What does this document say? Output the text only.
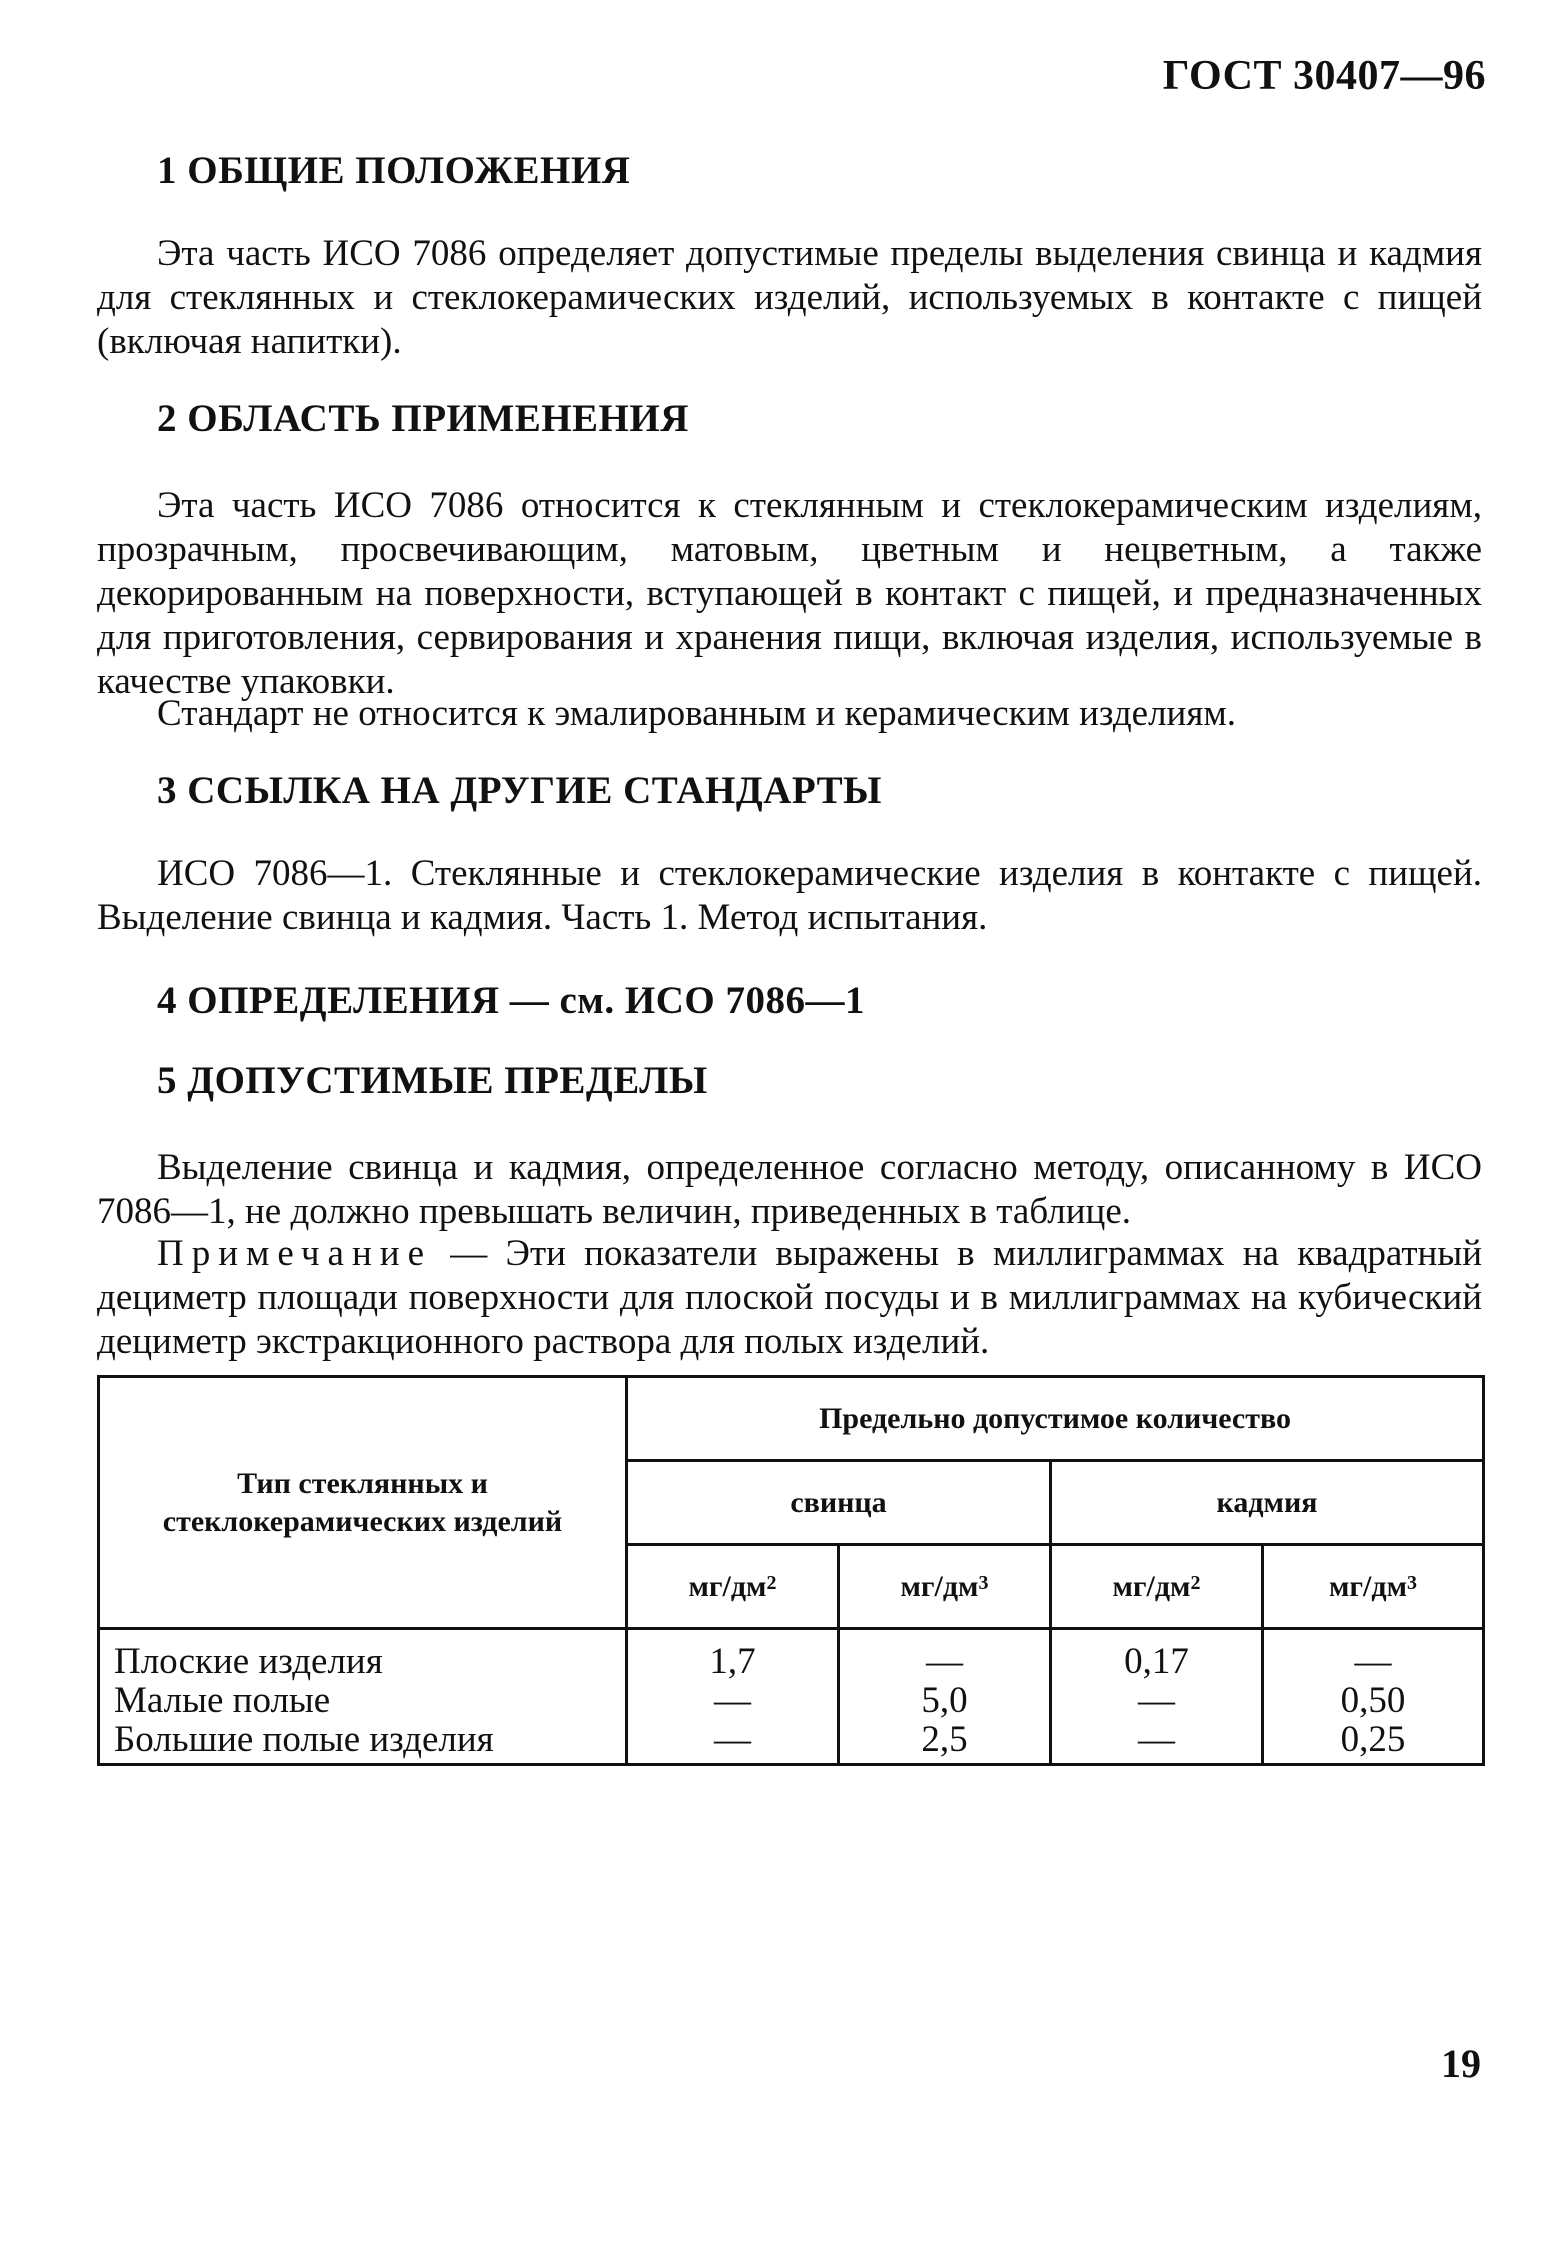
ГОСТ 30407—96
1 ОБЩИЕ ПОЛОЖЕНИЯ
Эта часть ИСО 7086 определяет допустимые пределы выделения свинца и кадмия для стеклянных и стеклокерамических изделий, используемых в контакте с пищей (включая напитки).
2 ОБЛАСТЬ ПРИМЕНЕНИЯ
Эта часть ИСО 7086 относится к стеклянным и стеклокерамическим изделиям, прозрачным, просвечивающим, матовым, цветным и нецветным, а также декорированным на поверхности, вступающей в контакт с пищей, и предназначенных для приготовления, сервирования и хранения пищи, включая изделия, используемые в качестве упаковки.
Стандарт не относится к эмалированным и керамическим изделиям.
3 ССЫЛКА НА ДРУГИЕ СТАНДАРТЫ
ИСО 7086—1. Стеклянные и стеклокерамические изделия в контакте с пищей. Выделение свинца и кадмия. Часть 1. Метод испытания.
4 ОПРЕДЕЛЕНИЯ — см. ИСО 7086—1
5 ДОПУСТИМЫЕ ПРЕДЕЛЫ
Выделение свинца и кадмия, определенное согласно методу, описанному в ИСО 7086—1, не должно превышать величин, приведенных в таблице.
Примечание — Эти показатели выражены в миллиграммах на квадратный дециметр площади поверхности для плоской посуды и в миллиграммах на кубический дециметр экстракционного раствора для полых изделий.
Тип стеклянных и стеклокерамических изделий	Предельно допустимое количество			
	свинца		кадмия	
	$мг/дм^2$	$мг/дм^3$	$мг/дм^2$	$мг/дм^3$
Плоские изделия	1,7	—	0,17	—
Малые полые	—	5,0	—	0,50
Большие полые изделия	—	2,5	—	0,25
19
